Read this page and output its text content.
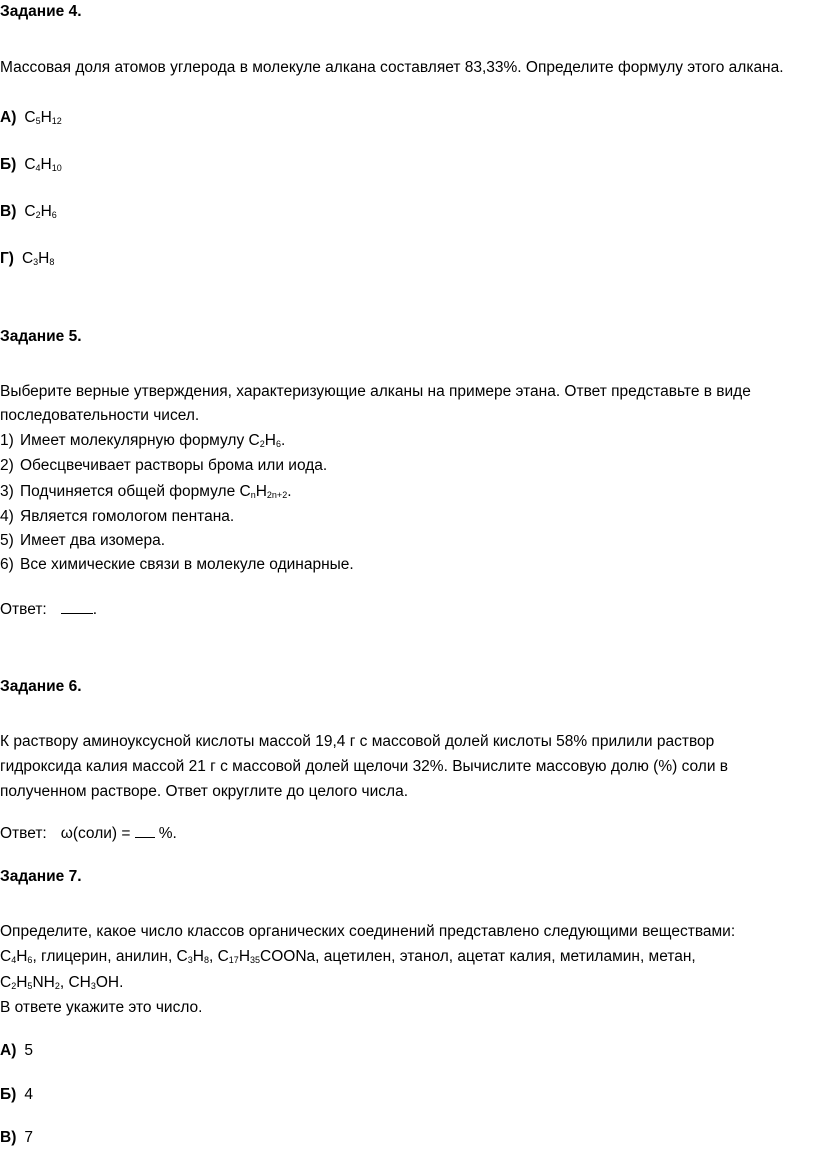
Задание 4.
Массовая доля атомов углерода в молекуле алкана составляет 83,33%. Определите формулу этого алкана.
А) $C_5H_{12}$
Б) $C_4H_{10}$
В) $C_2H_6$
Г) $C_3H_8$
Задание 5.
Выберите верные утверждения, характеризующие алканы на примере этана. Ответ представьте в виде
последовательности чисел.
1) Имеет молекулярную формулу $C_2H_6$.
2) Обесцвечивает растворы брома или иода.
3) Подчиняется общей формуле $C_nH_{2n+2}$.
4) Является гомологом пентана.
5) Имеет два изомера.
6) Все химические связи в молекуле одинарные.
Ответ:	.
Задание 6.
К раствору аминоуксусной кислоты массой 19,4 г с массовой долей кислоты 58% прилили раствор
гидроксида калия массой 21 г с массовой долей щелочи 32%. Вычислите массовую долю (%) соли в
полученном растворе. Ответ округлите до целого числа.
Ответ: ω(соли) = %.
Задание 7.
Определите, какое число классов органических соединений представлено следующими веществами:
$C_4H_6$, глицерин, анилин, $C_3H_8$, $C_{17}H_{35}COONa$, ацетилен, этанол, ацетат калия, метиламин, метан,
$C_2H_5NH_2$, $CH_3OH$.
В ответе укажите это число.
А) 5
Б) 4
В) 7
